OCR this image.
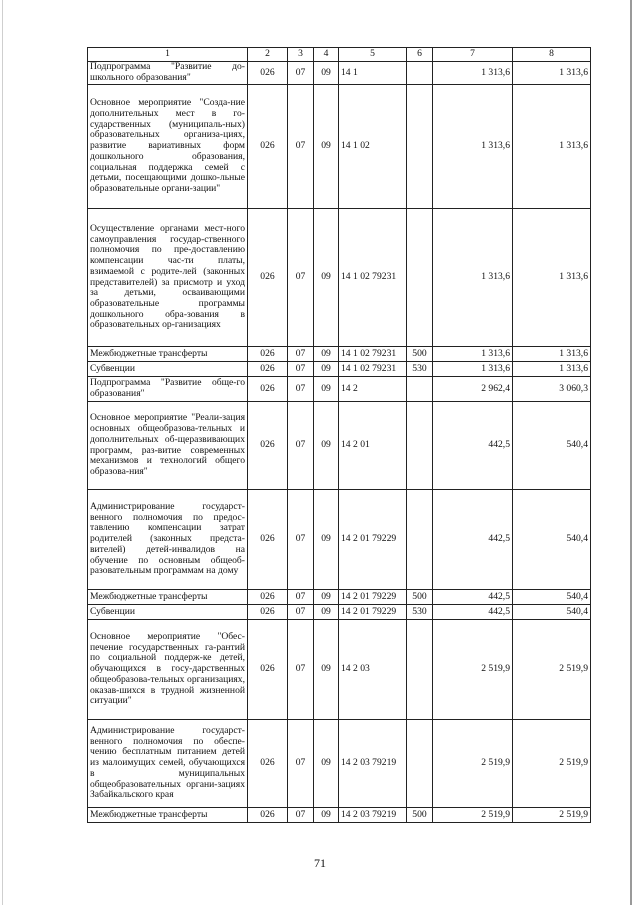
1	2	3	4	5	6	7	8
Подпрограмма "Развитие до-школьного образования"	026	07	09	14 1		1 313,6	1 313,6
Основное мероприятие "Созда-ние дополнительных мест в го-сударственных (муниципаль-ных) образовательных организа-циях, развитие вариативных форм дошкольного образования, социальная поддержка семей с детьми, посещающими дошко-льные образовательные органи-зации"	026	07	09	14 1 02		1 313,6	1 313,6
Осуществление органами мест-ного самоуправления государ-ственного полномочия по пре-доставлению компенсации час-ти платы, взимаемой с родите-лей (законных представителей) за присмотр и уход за детьми, осваивающими образовательные программы дошкольного обра-зования в образовательных ор-ганизациях	026	07	09	14 1 02 79231		1 313,6	1 313,6
Межбюджетные трансферты	026	07	09	14 1 02 79231	500	1 313,6	1 313,6
Субвенции	026	07	09	14 1 02 79231	530	1 313,6	1 313,6
Подпрограмма "Развитие обще-го образования"	026	07	09	14 2		2 962,4	3 060,3
Основное мероприятие "Реали-зация основных общеобразова-тельных и дополнительных об-щеразвивающих программ, раз-витие современных механизмов и технологий общего образова-ния"	026	07	09	14 2 01		442,5	540,4
Администрирование государст-венного полномочия по предос-тавлению компенсации затрат родителей (законных предста-вителей) детей-инвалидов на обучение по основным общеоб-разовательным программам на дому	026	07	09	14 2 01 79229		442,5	540,4
Межбюджетные трансферты	026	07	09	14 2 01 79229	500	442,5	540,4
Субвенции	026	07	09	14 2 01 79229	530	442,5	540,4
Основное мероприятие "Обес-печение государственных га-рантий по социальной поддерж-ке детей, обучающихся в госу-дарственных общеобразова-тельных организациях, оказав-шихся в трудной жизненной ситуации"	026	07	09	14 2 03		2 519,9	2 519,9
Администрирование государст-венного полномочия по обеспе-чению бесплатным питанием детей из малоимущих семей, обучающихся в муниципальных общеобразовательных органи-зациях Забайкальского края	026	07	09	14 2 03 79219		2 519,9	2 519,9
Межбюджетные трансферты	026	07	09	14 2 03 79219	500	2 519,9	2 519,9
71
